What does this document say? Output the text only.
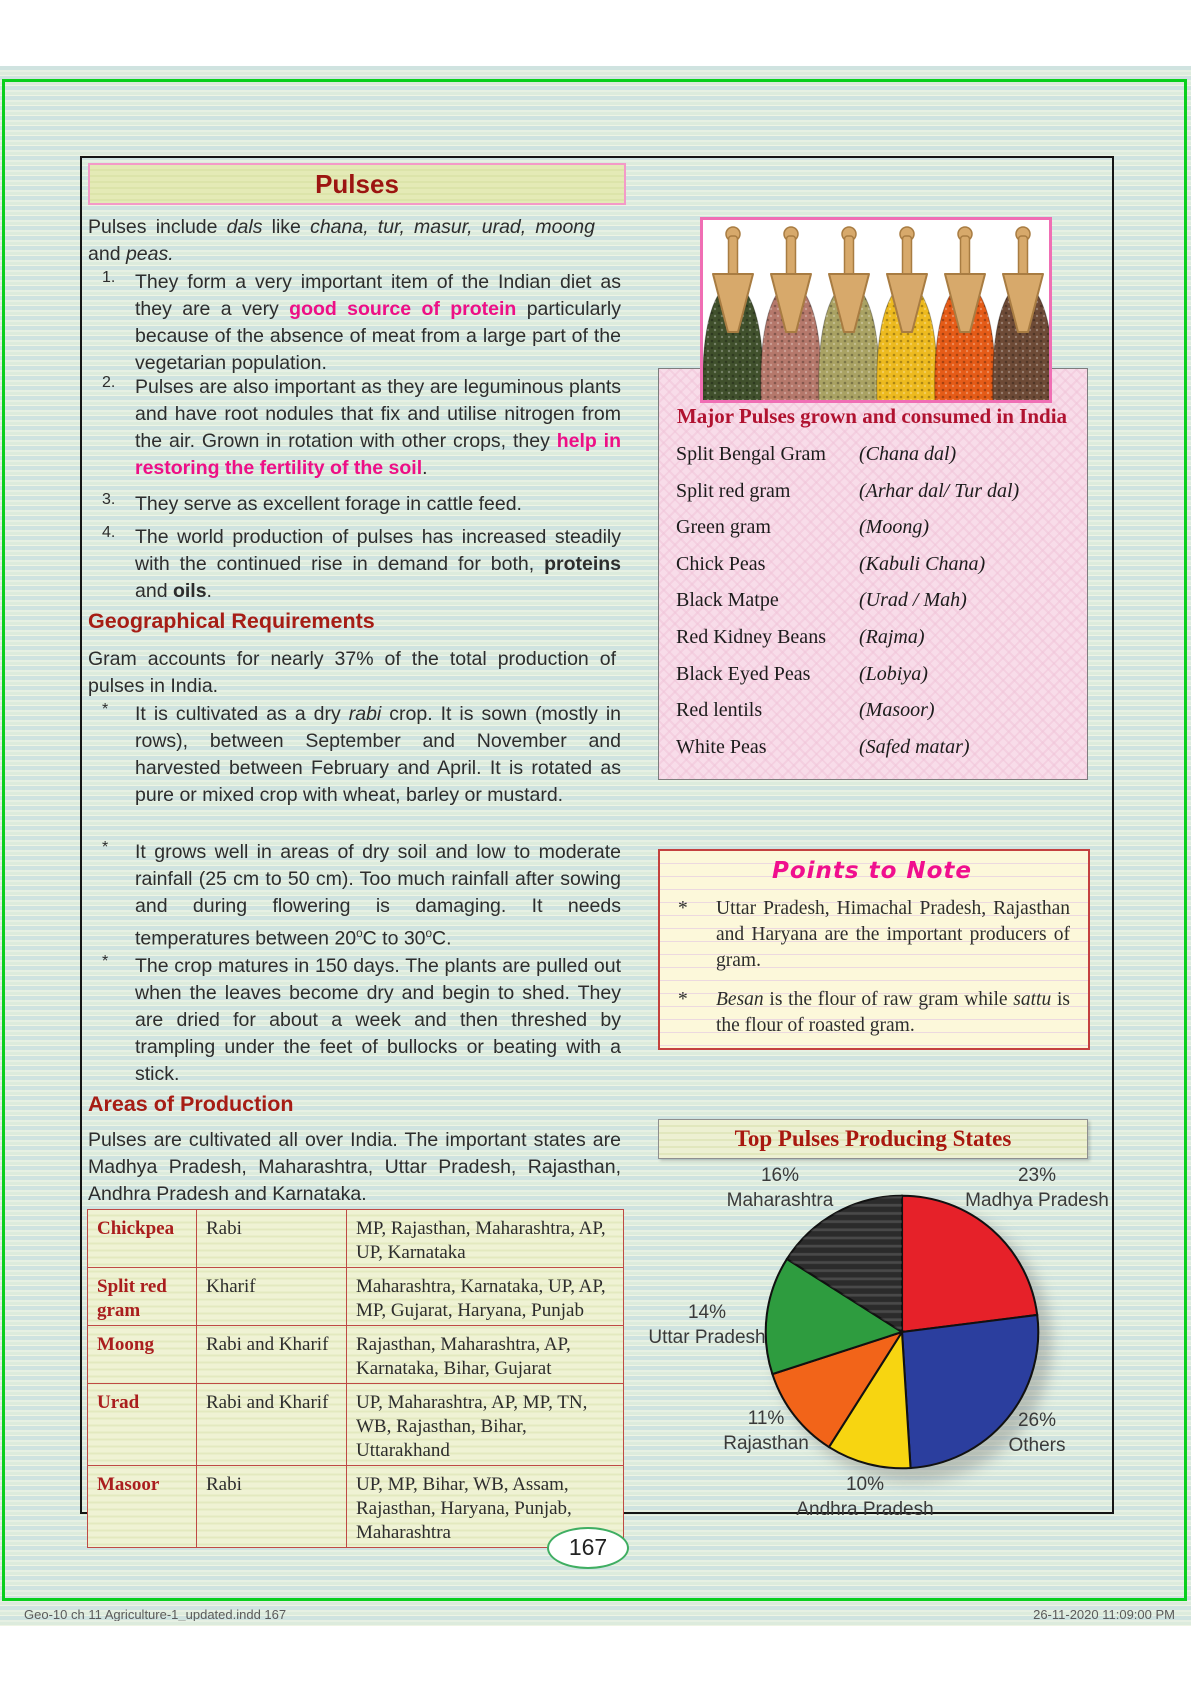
Pulses
Pulses include dals like chana, tur, masur, urad, moong and peas.
1. They form a very important item of the Indian diet as they are a very good source of protein particularly because of the absence of meat from a large part of the vegetarian population.
2. Pulses are also important as they are leguminous plants and have root nodules that fix and utilise nitrogen from the air. Grown in rotation with other crops, they help in restoring the fertility of the soil.
3. They serve as excellent forage in cattle feed.
4. The world production of pulses has increased steadily with the continued rise in demand for both, proteins and oils.
Geographical Requirements
Gram accounts for nearly 37% of the total production of pulses in India.
* It is cultivated as a dry rabi crop. It is sown (mostly in rows), between September and November and harvested between February and April. It is rotated as pure or mixed crop with wheat, barley or mustard.
* It grows well in areas of dry soil and low to moderate rainfall (25 cm to 50 cm). Too much rainfall after sowing and during flowering is damaging. It needs temperatures between 20$^o$C to 30$^o$C.
* The crop matures in 150 days. The plants are pulled out when the leaves become dry and begin to shed. They are dried for about a week and then threshed by trampling under the feet of bullocks or beating with a stick.
Areas of Production
Pulses are cultivated all over India. The important states are Madhya Pradesh, Maharashtra, Uttar Pradesh, Rajasthan, Andhra Pradesh and Karnataka.
Chickpea	Rabi	MP, Rajasthan, Maharashtra, AP, UP, Karnataka
Split red gram	Kharif	Maharashtra, Karnataka, UP, AP, MP, Gujarat, Haryana, Punjab
Moong	Rabi and Kharif	Rajasthan, Maharashtra, AP, Karnataka, Bihar, Gujarat
Urad	Rabi and Kharif	UP, Maharashtra, AP, MP, TN, WB, Rajasthan, Bihar, Uttarakhand
Masoor	Rabi	UP, MP, Bihar, WB, Assam, Rajasthan, Haryana, Punjab, Maharashtra
Major Pulses grown and consumed in India
Split Bengal Gram (Chana dal)
Split red gram	(Arhar dal/ Tur dal)
Green gram	(Moong)
Chick Peas	(Kabuli Chana)
Black Matpe	(Urad / Mah)
Red Kidney Beans (Rajma)
Black Eyed Peas (Lobiya)
Red lentils	(Masoor)
White Peas	(Safed matar)
Points to Note
* Uttar Pradesh, Himachal Pradesh, Rajasthan and Haryana are the important producers of gram.
* Besan is the flour of raw gram while sattu is the flour of roasted gram.
Top Pulses Producing States
16%
Maharashtra
23%
Madhya Pradesh
14%
Uttar Pradesh
11%
Rajasthan
26%
Others
10%
Andhra Pradesh
167
Geo-10 ch 11 Agriculture-1_updated.indd 167	26-11-2020 11:09:00 PM
